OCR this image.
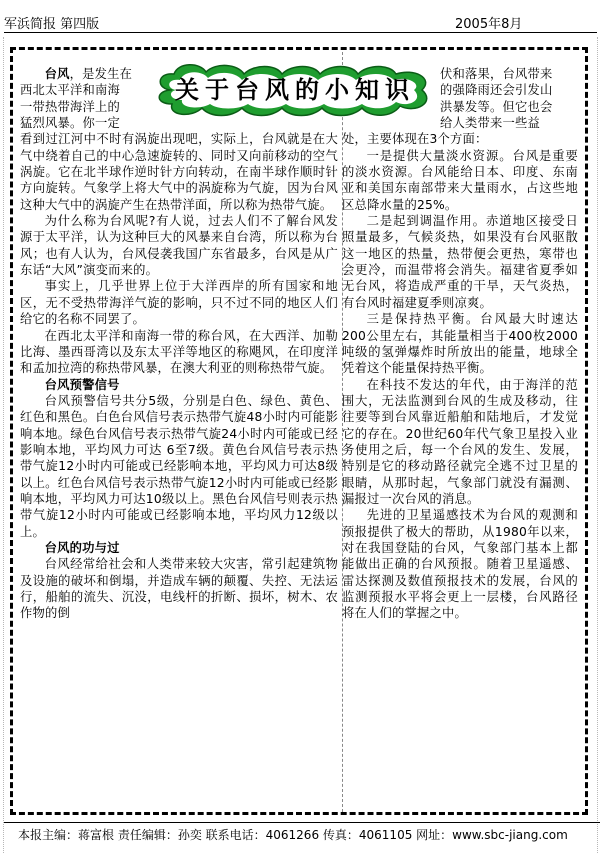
军浜简报 第四版	2005年8月
关于台风的小知识

台风，是发生在

西北太平洋和南海

一带热带海洋上的

猛烈风暴。你一定

看到过江河中不时有涡旋出现吧，实际上，台风就是在大气中绕着自己的中心急速旋转的、同时又向前移动的空气涡旋。它在北半球作逆时针方向转动，在南半球作顺时针方向旋转。气象学上将大气中的涡旋称为气旋，因为台风这种大气中的涡旋产生在热带洋面，所以称为热带气旋。

为什么称为台风呢?有人说，过去人们不了解台风发源于太平洋，认为这种巨大的风暴来自台湾，所以称为台风；也有人认为，台风侵袭我国广东省最多，台风是从广东话“大风”演变而来的。

事实上，几乎世界上位于大洋西岸的所有国家和地区，无不受热带海洋气旋的影响，只不过不同的地区人们给它的名称不同罢了。

在西北太平洋和南海一带的称台风，在大西洋、加勒比海、墨西哥湾以及东太平洋等地区的称飓风，在印度洋和孟加拉湾的称热带风暴，在澳大利亚的则称热带气旋。

台风预警信号

台风预警信号共分5级，分别是白色、绿色、黄色、红色和黑色。白色台风信号表示热带气旋48小时内可能影响本地。绿色台风信号表示热带气旋24小时内可能或已经影响本地，平均风力可达 6至7级。黄色台风信号表示热带气旋12小时内可能或已经影响本地，平均风力可达8级以上。红色台风信号表示热带气旋12小时内可能或已经影响本地，平均风力可达10级以上。黑色台风信号则表示热带气旋12小时内可能或已经影响本地，平均风力12级以上。

台风的功与过

台风经常给社会和人类带来较大灾害，常引起建筑物及设施的破坏和倒塌，并造成车辆的颠覆、失控、无法运行，船舶的流失、沉没，电线杆的折断、损坏，树木、农作物的倒

伏和落果，台风带来

的强降雨还会引发山

洪暴发等。但它也会

给人类带来一些益

处，主要体现在3个方面：

一是提供大量淡水资源。台风是重要的淡水资源。台风能给日本、印度、东南亚和美国东南部带来大量雨水，占这些地区总降水量的25%。

二是起到调温作用。赤道地区接受日照量最多，气候炎热，如果没有台风驱散这一地区的热量，热带便会更热，寒带也会更冷，而温带将会消失。福建省夏季如无台风，将造成严重的干旱，天气炎热，有台风时福建夏季则凉爽。

三是保持热平衡。台风最大时速达 200公里左右，其能量相当于400枚2000吨级的氢弹爆炸时所放出的能量，地球全凭着这个能量保持热平衡。

在科技不发达的年代，由于海洋的范围大，无法监测到台风的生成及移动，往往要等到台风靠近船舶和陆地后，才发觉它的存在。20世纪60年代气象卫星投入业务使用之后，每一个台风的发生、发展，特别是它的移动路径就完全逃不过卫星的眼睛，从那时起，气象部门就没有漏测、漏报过一次台风的消息。

先进的卫星遥感技术为台风的观测和预报提供了极大的帮助，从1980年以来，对在我国登陆的台风，气象部门基本上都能做出正确的台风预报。随着卫星遥感、雷达探测及数值预报技术的发展，台风的监测预报水平将会更上一层楼，台风路径将在人们的掌握之中。

本报主编：蒋富根 责任编辑：孙奕 联系电话：4061266 传真：4061105 网址：www.sbc-jiang.com
